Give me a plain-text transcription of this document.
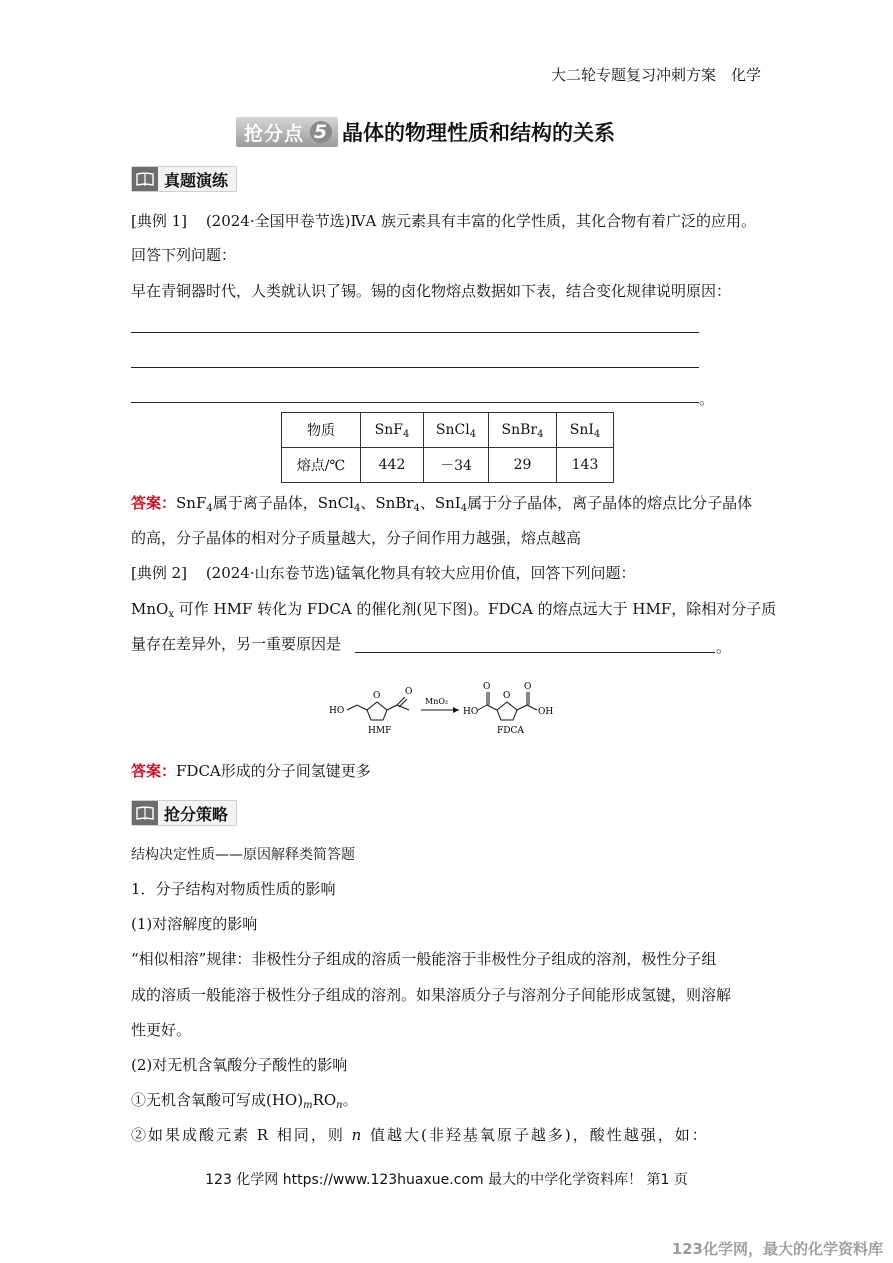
大二轮专题复习冲刺方案　化学
抢分点 5 晶体的物理性质和结构的关系
真题演练
[典例 1] (2024·全国甲卷节选)ⅣA 族元素具有丰富的化学性质，其化合物有着广泛的应用。
回答下列问题：
早在青铜器时代，人类就认识了锡。锡的卤化物熔点数据如下表，结合变化规律说明原因：
。
物质	SnF$_4$	SnCl$_4$	SnBr$_4$	SnI$_4$
熔点/℃	442	－34	29	143
答案：SnF$_4$属于离子晶体，SnCl$_4$、SnBr$_4$、SnI$_4$属于分子晶体，离子晶体的熔点比分子晶体
的高，分子晶体的相对分子质量越大，分子间作用力越强，熔点越高
[典例 2] (2024·山东卷节选)锰氧化物具有较大应用价值，回答下列问题：
MnO$_x$ 可作 HMF 转化为 FDCA 的催化剂(见下图)。FDCA 的熔点远大于 HMF，除相对分子质
量存在差异外，另一重要原因是	。
HO
O	O
HMF
MnO₂
HO
O
O
O
OH
FDCA
答案：FDCA形成的分子间氢键更多
抢分策略
结构决定性质——原因解释类简答题
1．分子结构对物质性质的影响
(1)对溶解度的影响
“相似相溶”规律：非极性分子组成的溶质一般能溶于非极性分子组成的溶剂，极性分子组
成的溶质一般能溶于极性分子组成的溶剂。如果溶质分子与溶剂分子间能形成氢键，则溶解
性更好。
(2)对无机含氧酸分子酸性的影响
①无机含氧酸可写成$(HO)_mRO_n$。
②如果成酸元素 R 相同，则 n 值越大(非羟基氧原子越多)，酸性越强，如：
123 化学网 https://www.123huaxue.com 最大的中学化学资料库！ 第1 页
123化学网，最大的化学资料库
